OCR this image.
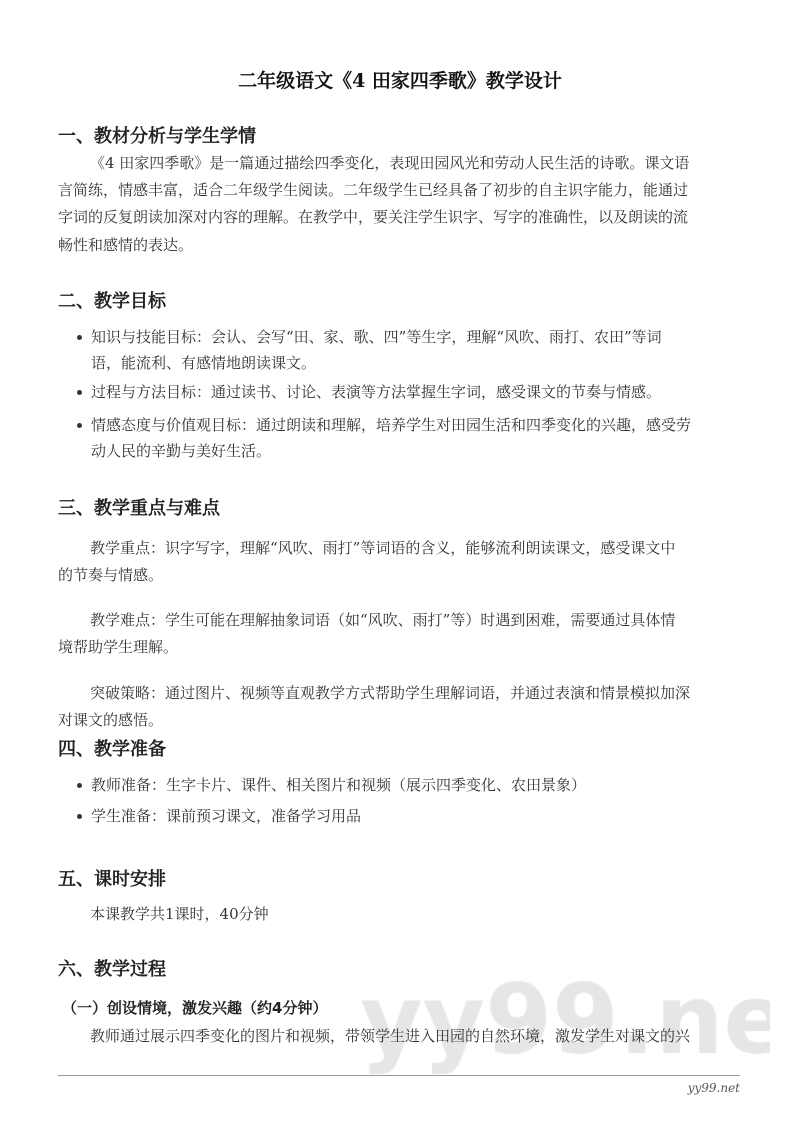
二年级语文《4 田家四季歌》教学设计
一、教材分析与学生学情
《4 田家四季歌》是一篇通过描绘四季变化，表现田园风光和劳动人民生活的诗歌。课文语
言简练，情感丰富，适合二年级学生阅读。二年级学生已经具备了初步的自主识字能力，能通过
字词的反复朗读加深对内容的理解。在教学中，要关注学生识字、写字的准确性，以及朗读的流
畅性和感情的表达。
二、教学目标
知识与技能目标：会认、会写“田、家、歌、四”等生字，理解“风吹、雨打、农田”等词
语，能流利、有感情地朗读课文。
过程与方法目标：通过读书、讨论、表演等方法掌握生字词，感受课文的节奏与情感。
情感态度与价值观目标：通过朗读和理解，培养学生对田园生活和四季变化的兴趣，感受劳
动人民的辛勤与美好生活。
三、教学重点与难点
教学重点：识字写字，理解“风吹、雨打”等词语的含义，能够流利朗读课文，感受课文中
的节奏与情感。
教学难点：学生可能在理解抽象词语（如“风吹、雨打”等）时遇到困难，需要通过具体情
境帮助学生理解。
突破策略：通过图片、视频等直观教学方式帮助学生理解词语，并通过表演和情景模拟加深
对课文的感悟。
四、教学准备
教师准备：生字卡片、课件、相关图片和视频（展示四季变化、农田景象）
学生准备：课前预习课文，准备学习用品
五、课时安排
本课教学共1课时，40分钟
六、教学过程
（一）创设情境，激发兴趣（约4分钟）
教师通过展示四季变化的图片和视频，带领学生进入田园的自然环境，激发学生对课文的兴
yy99.net
